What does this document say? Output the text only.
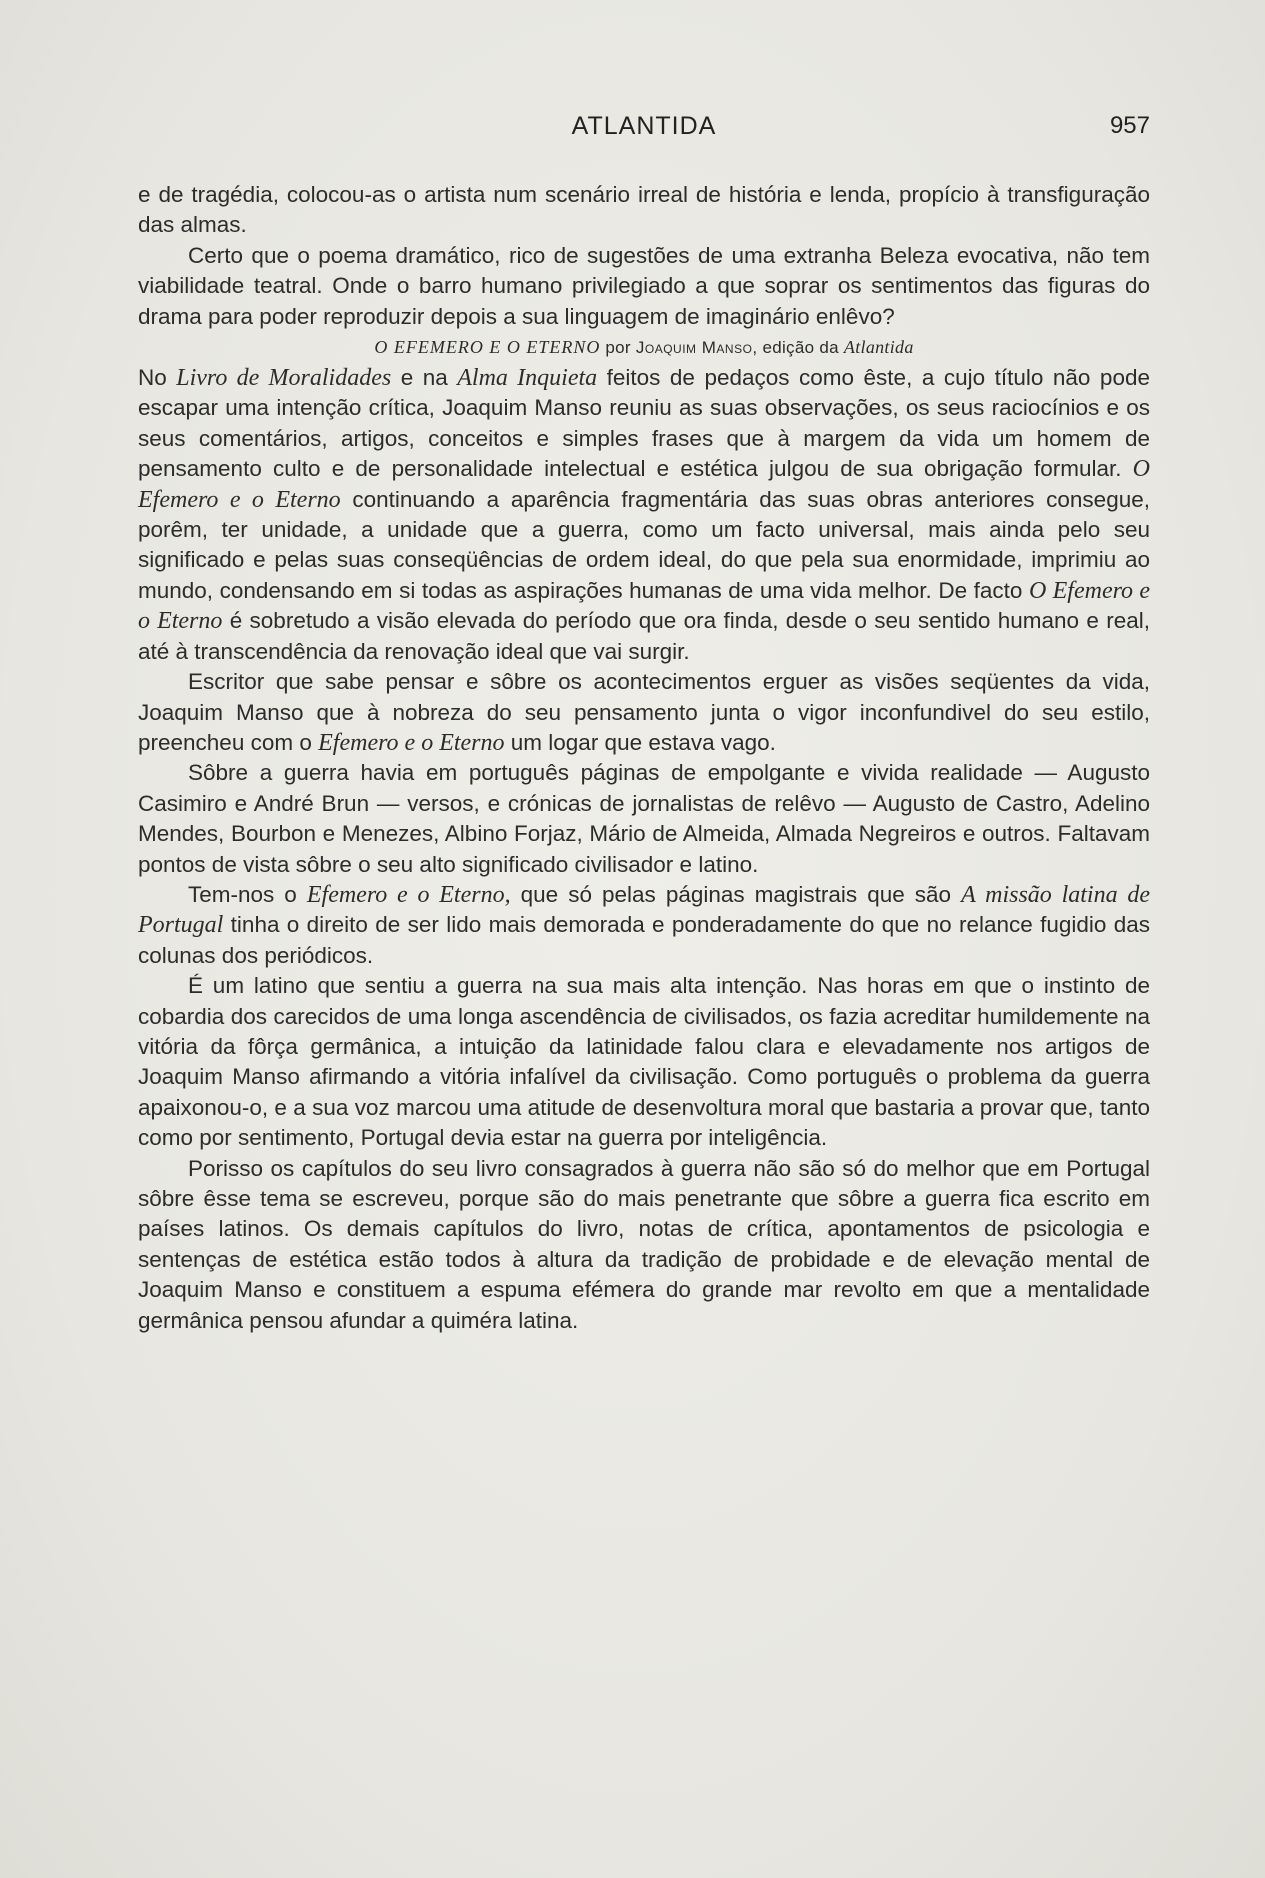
ATLANTIDA	957

e de tragédia, colocou-as o artista num scenário irreal de história e lenda, propício à transfiguração das almas.

Certo que o poema dramático, rico de sugestões de uma extranha Beleza evocativa, não tem viabilidade teatral. Onde o barro humano privilegiado a que soprar os sentimentos das figuras do drama para poder reproduzir depois a sua linguagem de imaginário enlêvo?

O EFEMERO E O ETERNO por Joaquim Manso, edição da Atlantida

No Livro de Moralidades e na Alma Inquieta feitos de pedaços como êste, a cujo título não pode escapar uma intenção crítica, Joaquim Manso reuniu as suas observações, os seus raciocínios e os seus comentários, artigos, conceitos e simples frases que à margem da vida um homem de pensamento culto e de personalidade intelectual e estética julgou de sua obrigação formular. O Efemero e o Eterno continuando a aparência fragmentária das suas obras anteriores consegue, porêm, ter unidade, a unidade que a guerra, como um facto universal, mais ainda pelo seu significado e pelas suas conseqüências de ordem ideal, do que pela sua enormidade, imprimiu ao mundo, condensando em si todas as aspirações humanas de uma vida melhor. De facto O Efemero e o Eterno é sobretudo a visão elevada do período que ora finda, desde o seu sentido humano e real, até à transcendência da renovação ideal que vai surgir.

Escritor que sabe pensar e sôbre os acontecimentos erguer as visões seqüentes da vida, Joaquim Manso que à nobreza do seu pensamento junta o vigor inconfundivel do seu estilo, preencheu com o Efemero e o Eterno um logar que estava vago.

Sôbre a guerra havia em português páginas de empolgante e vivida realidade — Augusto Casimiro e André Brun — versos, e crónicas de jornalistas de relêvo — Augusto de Castro, Adelino Mendes, Bourbon e Menezes, Albino Forjaz, Mário de Almeida, Almada Negreiros e outros. Faltavam pontos de vista sôbre o seu alto significado civilisador e latino.

Tem-nos o Efemero e o Eterno, que só pelas páginas magistrais que são A missão latina de Portugal tinha o direito de ser lido mais demorada e ponderadamente do que no relance fugidio das colunas dos periódicos.

É um latino que sentiu a guerra na sua mais alta intenção. Nas horas em que o instinto de cobardia dos carecidos de uma longa ascendência de civilisados, os fazia acreditar humildemente na vitória da fôrça germânica, a intuição da latinidade falou clara e elevadamente nos artigos de Joaquim Manso afirmando a vitória infalível da civilisação. Como português o problema da guerra apaixonou-o, e a sua voz marcou uma atitude de desenvoltura moral que bastaria a provar que, tanto como por sentimento, Portugal devia estar na guerra por inteligência.

Porisso os capítulos do seu livro consagrados à guerra não são só do melhor que em Portugal sôbre êsse tema se escreveu, porque são do mais penetrante que sôbre a guerra fica escrito em países latinos. Os demais capítulos do livro, notas de crítica, apontamentos de psicologia e sentenças de estética estão todos à altura da tradição de probidade e de elevação mental de Joaquim Manso e constituem a espuma efémera do grande mar revolto em que a mentalidade germânica pensou afundar a quiméra latina.
